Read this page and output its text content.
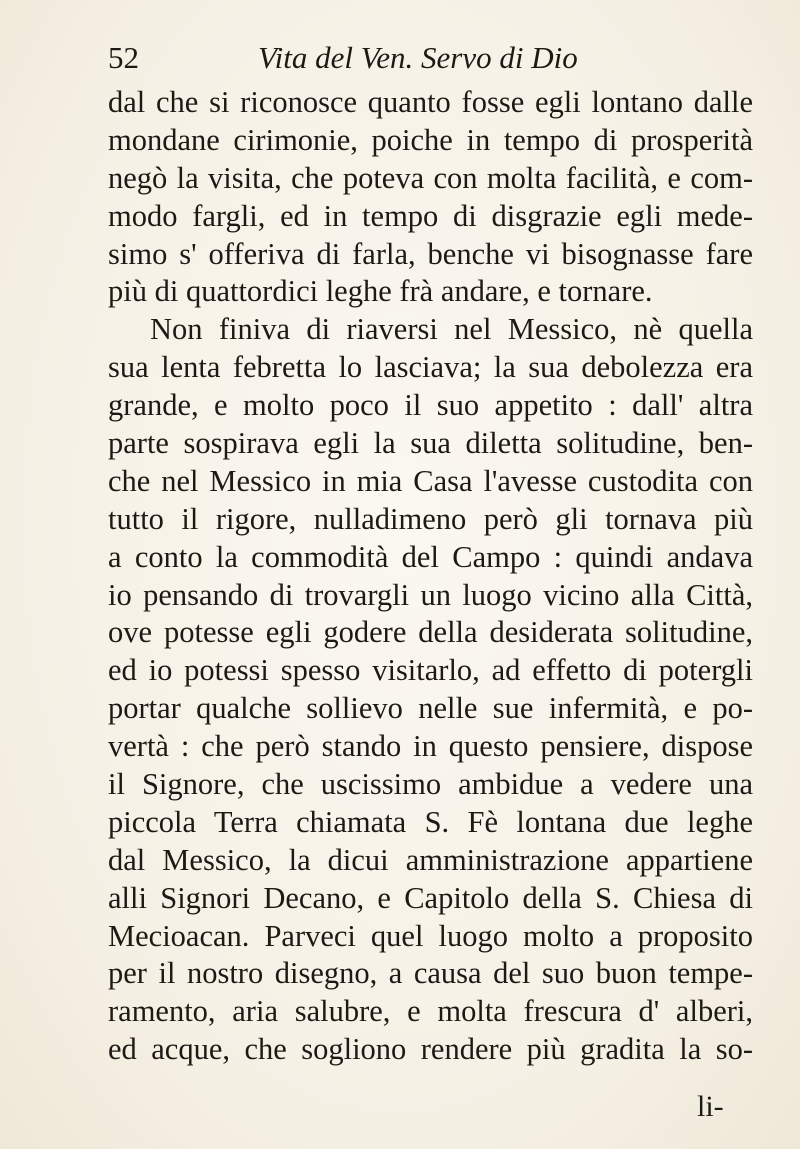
52	Vita del Ven. Servo di Dio
dal che si riconosce quanto fosse egli lontano dalle
mondane cirimonie, poiche in tempo di prosperità
negò la visita, che poteva con molta facilità, e com-
modo fargli, ed in tempo di disgrazie egli mede-
simo s' offeriva di farla, benche vi bisognasse fare
più di quattordici leghe frà andare, e tornare.
Non finiva di riaversi nel Messico, nè quella
sua lenta febretta lo lasciava; la sua debolezza era
grande, e molto poco il suo appetito : dall' altra
parte sospirava egli la sua diletta solitudine, ben-
che nel Messico in mia Casa l'avesse custodita con
tutto il rigore, nulladimeno però gli tornava più
a conto la commodità del Campo : quindi andava
io pensando di trovargli un luogo vicino alla Città,
ove potesse egli godere della desiderata solitudine,
ed io potessi spesso visitarlo, ad effetto di potergli
portar qualche sollievo nelle sue infermità, e po-
vertà : che però stando in questo pensiere, dispose
il Signore, che uscissimo ambidue a vedere una
piccola Terra chiamata S. Fè lontana due leghe
dal Messico, la dicui amministrazione appartiene
alli Signori Decano, e Capitolo della S. Chiesa di
Mecioacan. Parveci quel luogo molto a proposito
per il nostro disegno, a causa del suo buon tempe-
ramento, aria salubre, e molta frescura d' alberi,
ed acque, che sogliono rendere più gradita la so-
li-
